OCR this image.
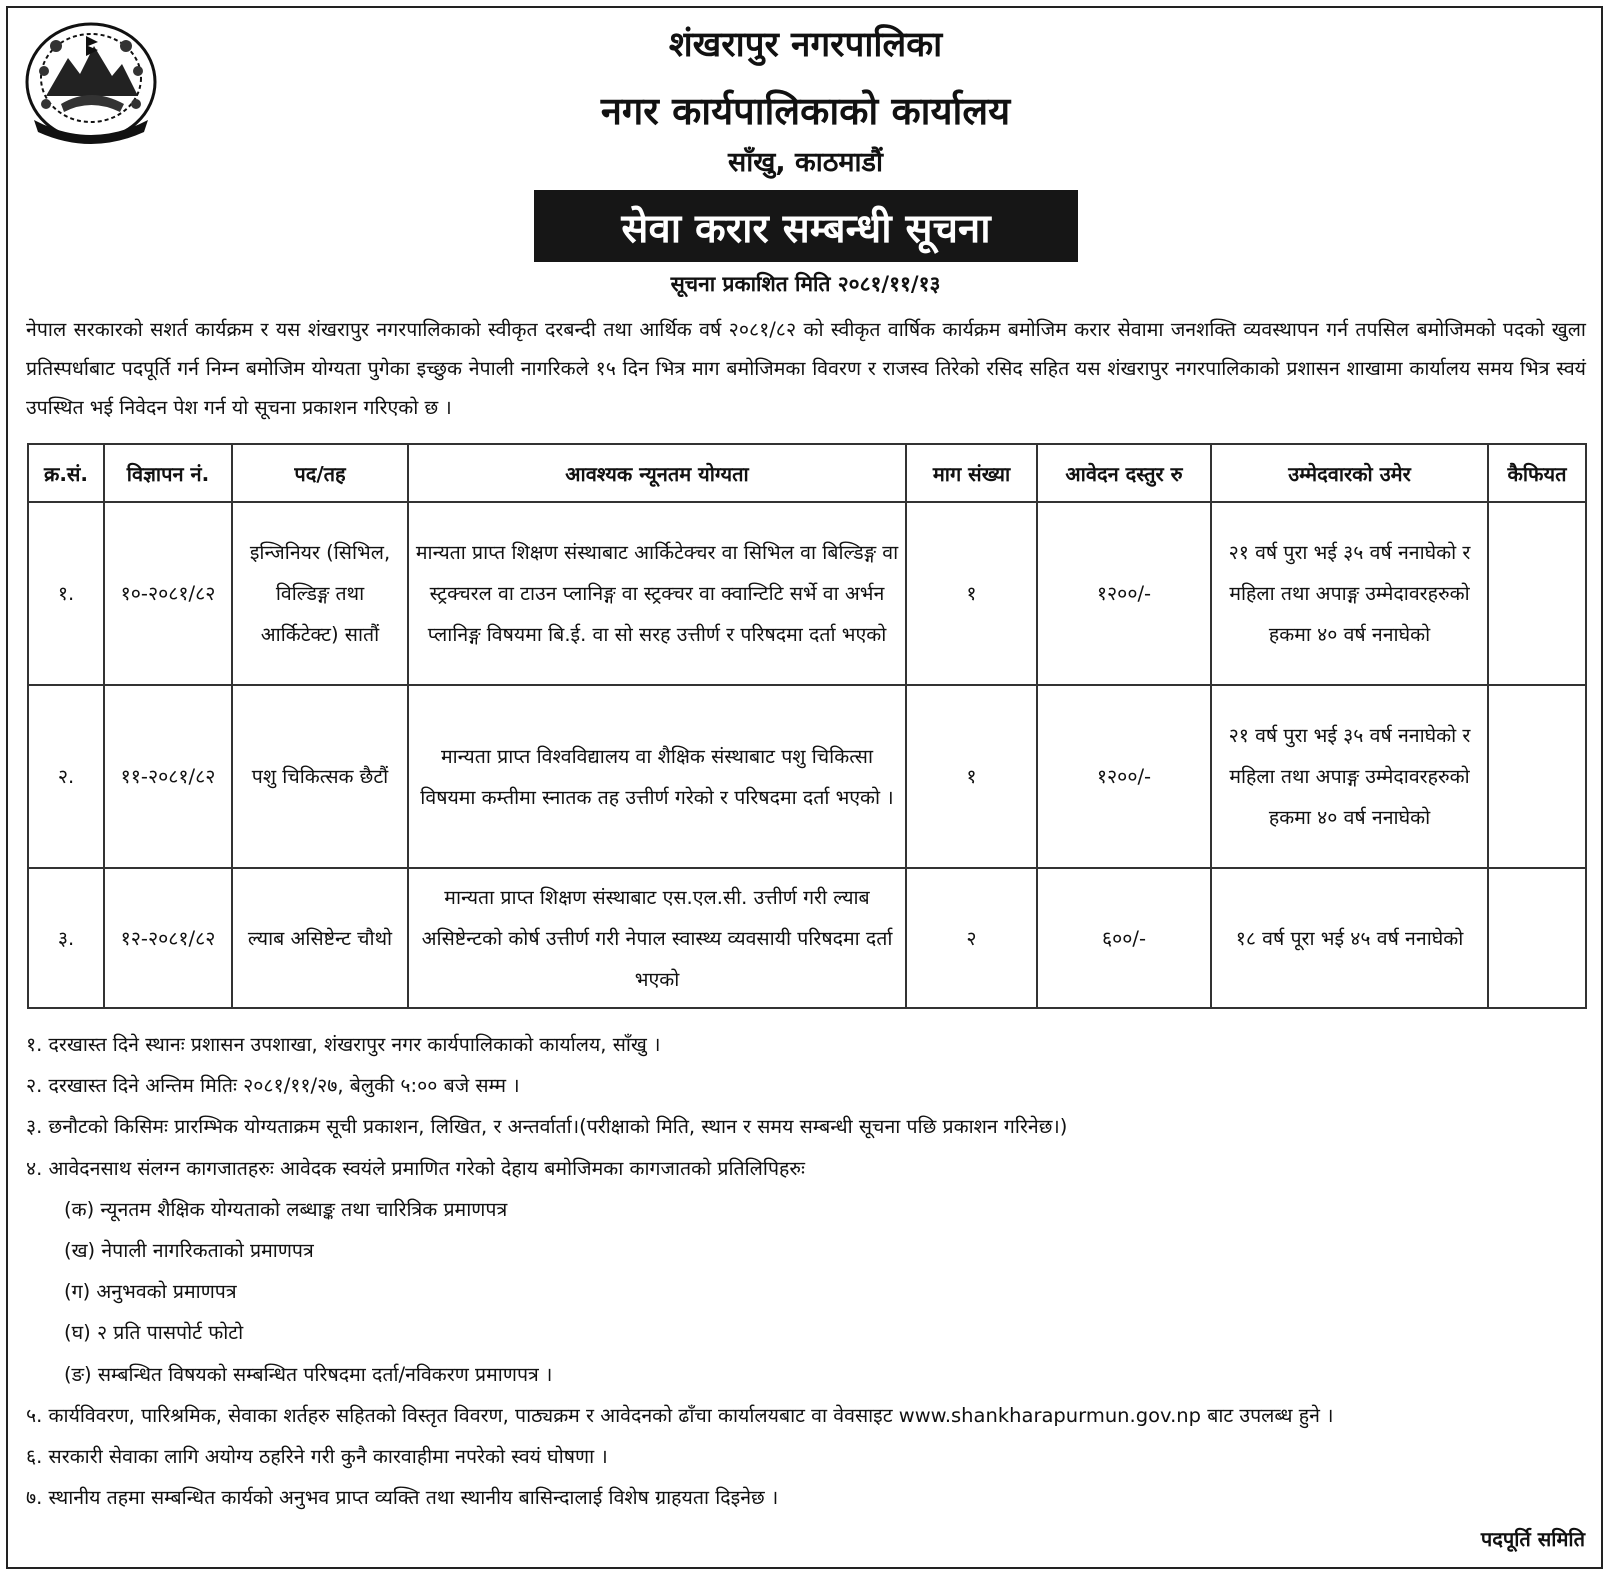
शंखरापुर नगरपालिका
नगर कार्यपालिकाको कार्यालय
साँखु, काठमाडौं
सेवा करार सम्बन्धी सूचना
सूचना प्रकाशित मिति २०८१/११/१३
नेपाल सरकारको सशर्त कार्यक्रम र यस शंखरापुर नगरपालिकाको स्वीकृत दरबन्दी तथा आर्थिक वर्ष २०८१/८२ को स्वीकृत वार्षिक कार्यक्रम बमोजिम करार सेवामा जनशक्ति व्यवस्थापन गर्न तपसिल बमोजिमको पदको खुला प्रतिस्पर्धाबाट पदपूर्ति गर्न निम्न बमोजिम योग्यता पुगेका इच्छुक नेपाली नागरिकले १५ दिन भित्र माग बमोजिमका विवरण र राजस्व तिरेको रसिद सहित यस शंखरापुर नगरपालिकाको प्रशासन शाखामा कार्यालय समय भित्र स्वयं उपस्थित भई निवेदन पेश गर्न यो सूचना प्रकाशन गरिएको छ ।
क्र.सं.	विज्ञापन नं.	पद/तह	आवश्यक न्यूनतम योग्यता	माग संख्या	आवेदन दस्तुर रु	उम्मेदवारको उमेर	कैफियत
१.	१०-२०८१/८२	इन्जिनियर (सिभिल, विल्डिङ्ग तथा आर्किटेक्ट) सातौं	मान्यता प्राप्त शिक्षण संस्थाबाट आर्किटेक्चर वा सिभिल वा बिल्डिङ्ग वा स्ट्रक्चरल वा टाउन प्लानिङ्ग वा स्ट्रक्चर वा क्वान्टिटि सर्भे वा अर्भन प्लानिङ्ग विषयमा बि.ई. वा सो सरह उत्तीर्ण र परिषदमा दर्ता भएको	१	१२००/-	२१ वर्ष पुरा भई ३५ वर्ष ननाघेको र महिला तथा अपाङ्ग उम्मेदावरहरुको हकमा ४० वर्ष ननाघेको	
२.	११-२०८१/८२	पशु चिकित्सक छैटौं	मान्यता प्राप्त विश्वविद्यालय वा शैक्षिक संस्थाबाट पशु चिकित्सा विषयमा कम्तीमा स्नातक तह उत्तीर्ण गरेको र परिषदमा दर्ता भएको ।	१	१२००/-	२१ वर्ष पुरा भई ३५ वर्ष ननाघेको र महिला तथा अपाङ्ग उम्मेदावरहरुको हकमा ४० वर्ष ननाघेको	
३.	१२-२०८१/८२	ल्याब असिष्टेन्ट चौथो	मान्यता प्राप्त शिक्षण संस्थाबाट एस.एल.सी. उत्तीर्ण गरी ल्याब असिष्टेन्टको कोर्ष उत्तीर्ण गरी नेपाल स्वास्थ्य व्यवसायी परिषदमा दर्ता भएको	२	६००/-	१८ वर्ष पूरा भई ४५ वर्ष ननाघेको	
१. दरखास्त दिने स्थानः प्रशासन उपशाखा, शंखरापुर नगर कार्यपालिकाको कार्यालय, साँखु ।
२. दरखास्त दिने अन्तिम मितिः २०८१/११/२७, बेलुकी ५:०० बजे सम्म ।
३. छनौटको किसिमः प्रारम्भिक योग्यताक्रम सूची प्रकाशन, लिखित, र अन्तर्वार्ता।(परीक्षाको मिति, स्थान र समय सम्बन्धी सूचना पछि प्रकाशन गरिनेछ।)
४. आवेदनसाथ संलग्न कागजातहरुः आवेदक स्वयंले प्रमाणित गरेको देहाय बमोजिमका कागजातको प्रतिलिपिहरुः
(क) न्यूनतम शैक्षिक योग्यताको लब्धाङ्क तथा चारित्रिक प्रमाणपत्र
(ख) नेपाली नागरिकताको प्रमाणपत्र
(ग) अनुभवको प्रमाणपत्र
(घ) २ प्रति पासपोर्ट फोटो
(ङ) सम्बन्धित विषयको सम्बन्धित परिषदमा दर्ता/नविकरण प्रमाणपत्र ।
५. कार्यविवरण, पारिश्रमिक, सेवाका शर्तहरु सहितको विस्तृत विवरण, पाठ्यक्रम र आवेदनको ढाँचा कार्यालयबाट वा वेवसाइट www.shankharapurmun.gov.np बाट उपलब्ध हुने ।
६. सरकारी सेवाका लागि अयोग्य ठहरिने गरी कुनै कारवाहीमा नपरेको स्वयं घोषणा ।
७. स्थानीय तहमा सम्बन्धित कार्यको अनुभव प्राप्त व्यक्ति तथा स्थानीय बासिन्दालाई विशेष ग्राहयता दिइनेछ ।
पदपूर्ति समिति
